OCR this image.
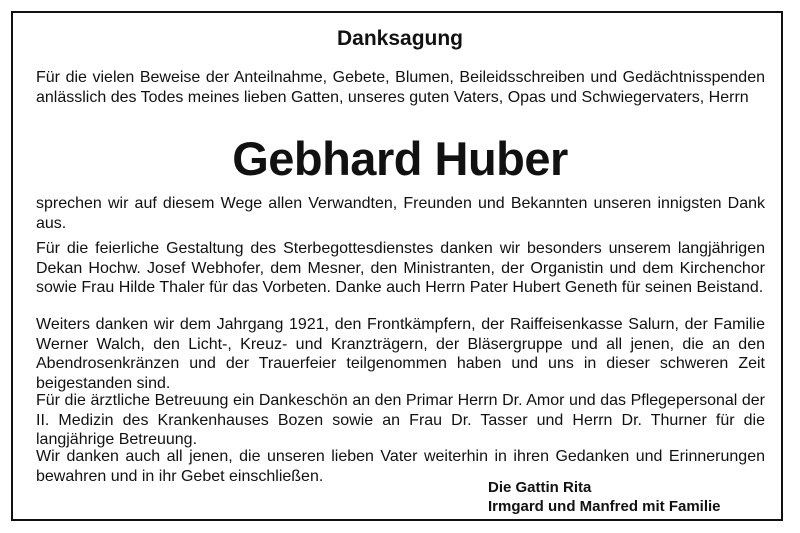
Danksagung

Für die vielen Beweise der Anteilnahme, Gebete, Blumen, Beileidsschreiben und Gedächtnisspenden anlässlich des Todes meines lieben Gatten, unseres guten Vaters, Opas und Schwiegervaters, Herrn

Gebhard Huber

sprechen wir auf diesem Wege allen Verwandten, Freunden und Bekannten unseren innigsten Dank aus.

Für die feierliche Gestaltung des Sterbegottesdienstes danken wir besonders unserem langjährigen Dekan Hochw. Josef Webhofer, dem Mesner, den Ministranten, der Organistin und dem Kirchenchor sowie Frau Hilde Thaler für das Vorbeten. Danke auch Herrn Pater Hubert Geneth für seinen Beistand.

Weiters danken wir dem Jahrgang 1921, den Frontkämpfern, der Raiffeisenkasse Salurn, der Familie Werner Walch, den Licht-, Kreuz- und Kranzträgern, der Bläsergruppe und all jenen, die an den Abendrosenkränzen und der Trauerfeier teilgenommen haben und uns in dieser schweren Zeit beigestanden sind.

Für die ärztliche Betreuung ein Dankeschön an den Primar Herrn Dr. Amor und das Pflegepersonal der II. Medizin des Krankenhauses Bozen sowie an Frau Dr. Tasser und Herrn Dr. Thurner für die langjährige Betreuung.

Wir danken auch all jenen, die unseren lieben Vater weiterhin in ihren Gedanken und Erinnerungen bewahren und in ihr Gebet einschließen.

Die Gattin Rita
Irmgard und Manfred mit Familie
